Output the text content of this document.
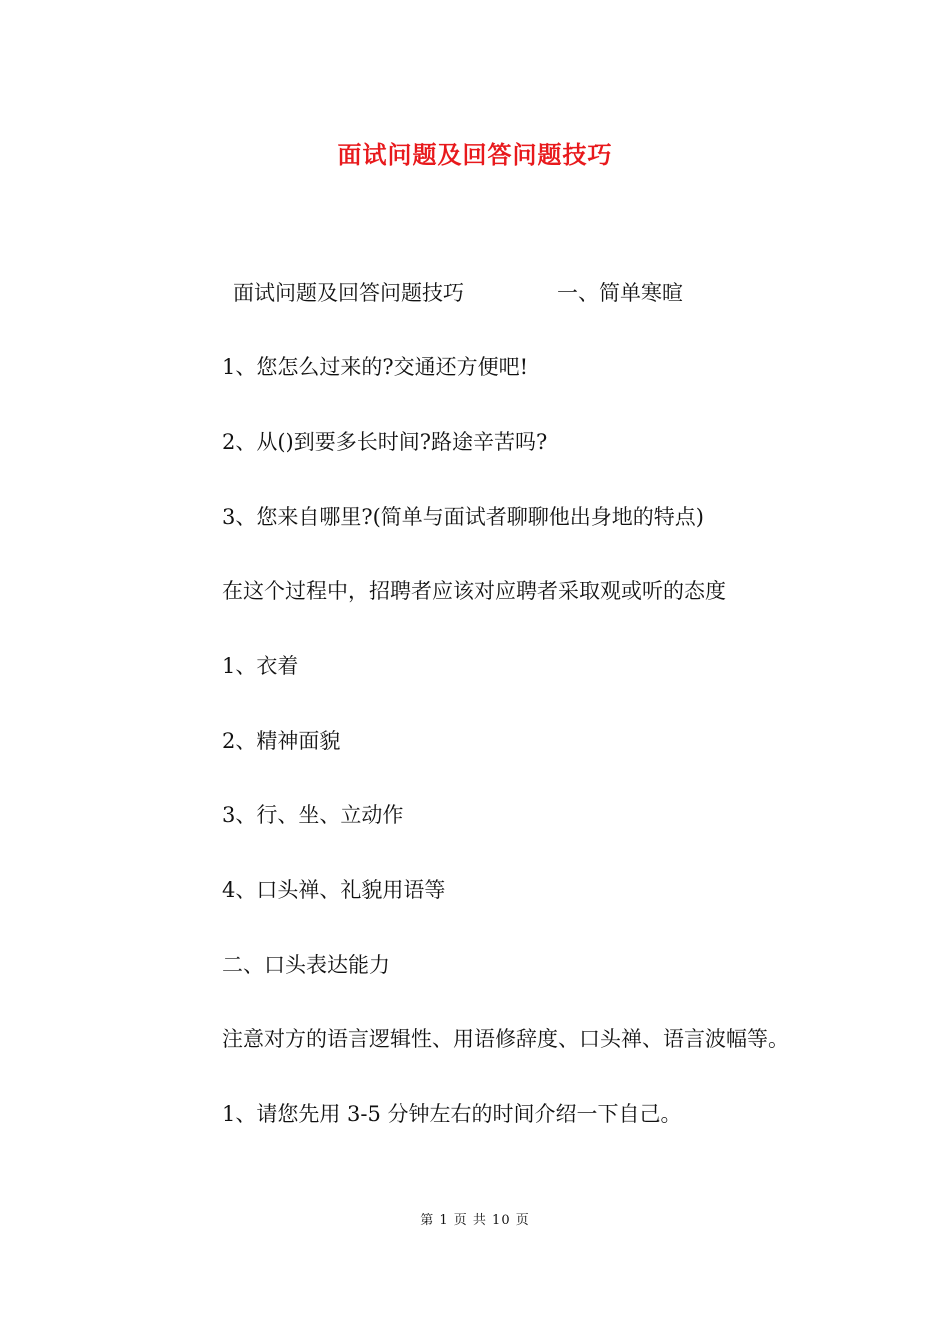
面试问题及回答问题技巧
面试问题及回答问题技巧	一、简单寒暄
1、您怎么过来的?交通还方便吧!
2、从()到要多长时间?路途辛苦吗?
3、您来自哪里?(简单与面试者聊聊他出身地的特点)
在这个过程中，招聘者应该对应聘者采取观或听的态度
1、衣着
2、精神面貌
3、行、坐、立动作
4、口头禅、礼貌用语等
二、口头表达能力
注意对方的语言逻辑性、用语修辞度、口头禅、语言波幅等。
1、请您先用 3-5 分钟左右的时间介绍一下自己。
第 1 页 共 10 页
